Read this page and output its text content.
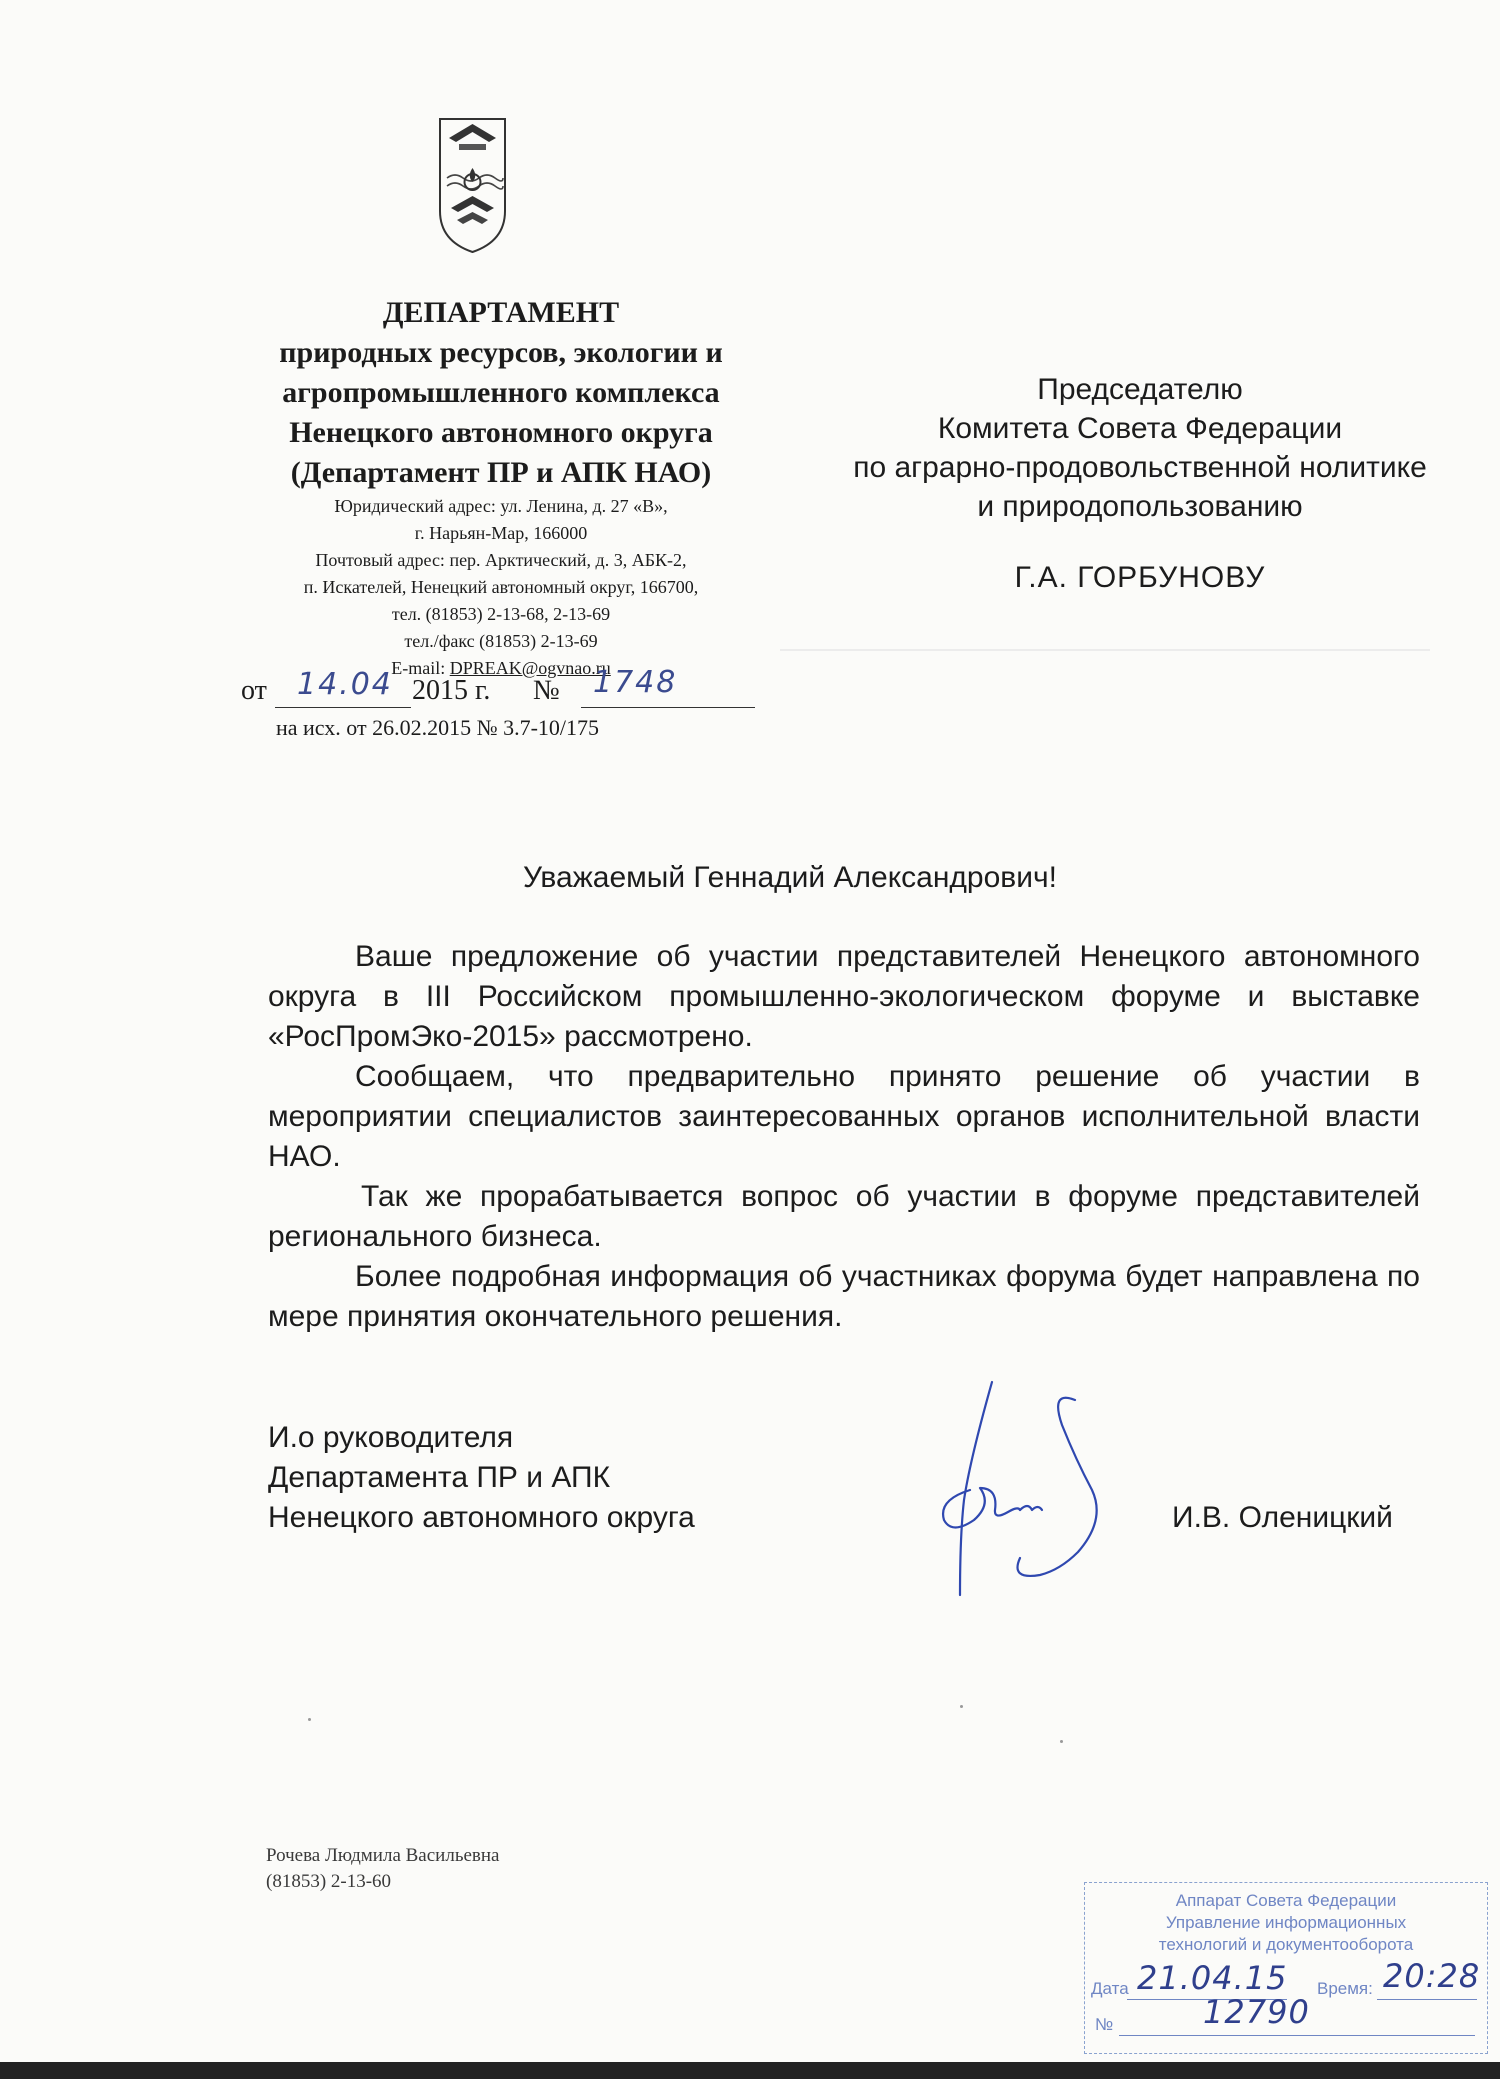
ДЕПАРТАМЕНТ
природных ресурсов, экологии и
агропромышленного комплекса
Ненецкого автономного округа
(Департамент ПР и АПК НАО)
Юридический адрес: ул. Ленина, д. 27 «В»,
г. Нарьян-Мар, 166000
Почтовый адрес: пер. Арктический, д. 3, АБК-2,
п. Искателей, Ненецкий автономный округ, 166700,
тел. (81853) 2-13-68, 2-13-69
тел./факс (81853) 2-13-69
E-mail: DPREAK@ogvnao.ru
от 14.04 2015 г. № 1748
на исх. от 26.02.2015 № 3.7-10/175
Председателю
Комитета Совета Федерации
по аграрно-продовольственной нолитике
и природопользованию
Г.А. ГОРБУНОВУ
Уважаемый Геннадий Александрович!

Ваше предложение об участии представителей Ненецкого автономного округа в III Российском промышленно-экологическом форуме и выставке «РосПромЭко-2015» рассмотрено.

Сообщаем, что предварительно принято решение об участии в мероприятии специалистов заинтересованных органов исполнительной власти НАО.

Так же прорабатывается вопрос об участии в форуме представителей регионального бизнеса.

Более подробная информация об участниках форума будет направлена по мере принятия окончательного решения.

И.о руководителя
Департамента ПР и АПК
Ненецкого автономного округа	И.В. Оленицкий
Рочева Людмила Васильевна
(81853) 2-13-60
Аппарат Совета Федерации
Управление информационных
технологий и документооборота
Дата 21.04.15 Время: 20:28
№	12790
